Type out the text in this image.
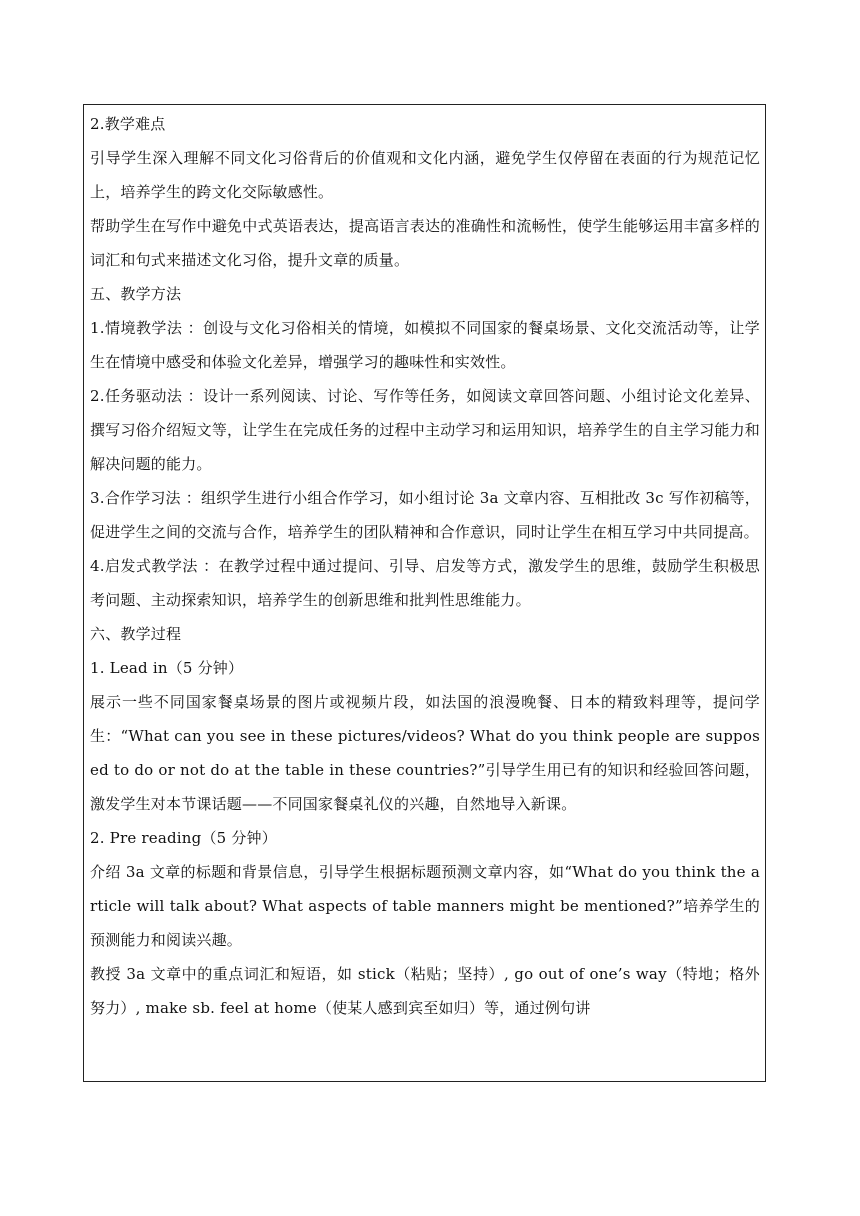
2.教学难点

引导学生深入理解不同文化习俗背后的价值观和文化内涵，避免学生仅停留在表面的行为规范记忆上，培养学生的跨文化交际敏感性。

帮助学生在写作中避免中式英语表达，提高语言表达的准确性和流畅性，使学生能够运用丰富多样的词汇和句式来描述文化习俗，提升文章的质量。

五、教学方法

1.情境教学法 ：创设与文化习俗相关的情境，如模拟不同国家的餐桌场景、文化交流活动等，让学生在情境中感受和体验文化差异，增强学习的趣味性和实效性。

2.任务驱动法 ：设计一系列阅读、讨论、写作等任务，如阅读文章回答问题、小组讨论文化差异、撰写习俗介绍短文等，让学生在完成任务的过程中主动学习和运用知识，培养学生的自主学习能力和解决问题的能力。

3.合作学习法 ：组织学生进行小组合作学习，如小组讨论 3a 文章内容、互相批改 3c 写作初稿等，促进学生之间的交流与合作，培养学生的团队精神和合作意识，同时让学生在相互学习中共同提高。

4.启发式教学法 ：在教学过程中通过提问、引导、启发等方式，激发学生的思维，鼓励学生积极思考问题、主动探索知识，培养学生的创新思维和批判性思维能力。

六、教学过程

1. Lead in（5 分钟）

展示一些不同国家餐桌场景的图片或视频片段，如法国的浪漫晚餐、日本的精致料理等，提问学生：“What can you see in these pictures/videos? What do you think people are supposed to do or not do at the table in these countries?”引导学生用已有的知识和经验回答问题，激发学生对本节课话题——不同国家餐桌礼仪的兴趣，自然地导入新课。

2. Pre reading（5 分钟）

介绍 3a 文章的标题和背景信息，引导学生根据标题预测文章内容，如“What do you think the article will talk about? What aspects of table manners might be mentioned?”培养学生的预测能力和阅读兴趣。

教授 3a 文章中的重点词汇和短语，如 stick（粘贴；坚持）, go out of one’s way（特地；格外努力）, make sb. feel at home（使某人感到宾至如归）等，通过例句讲
